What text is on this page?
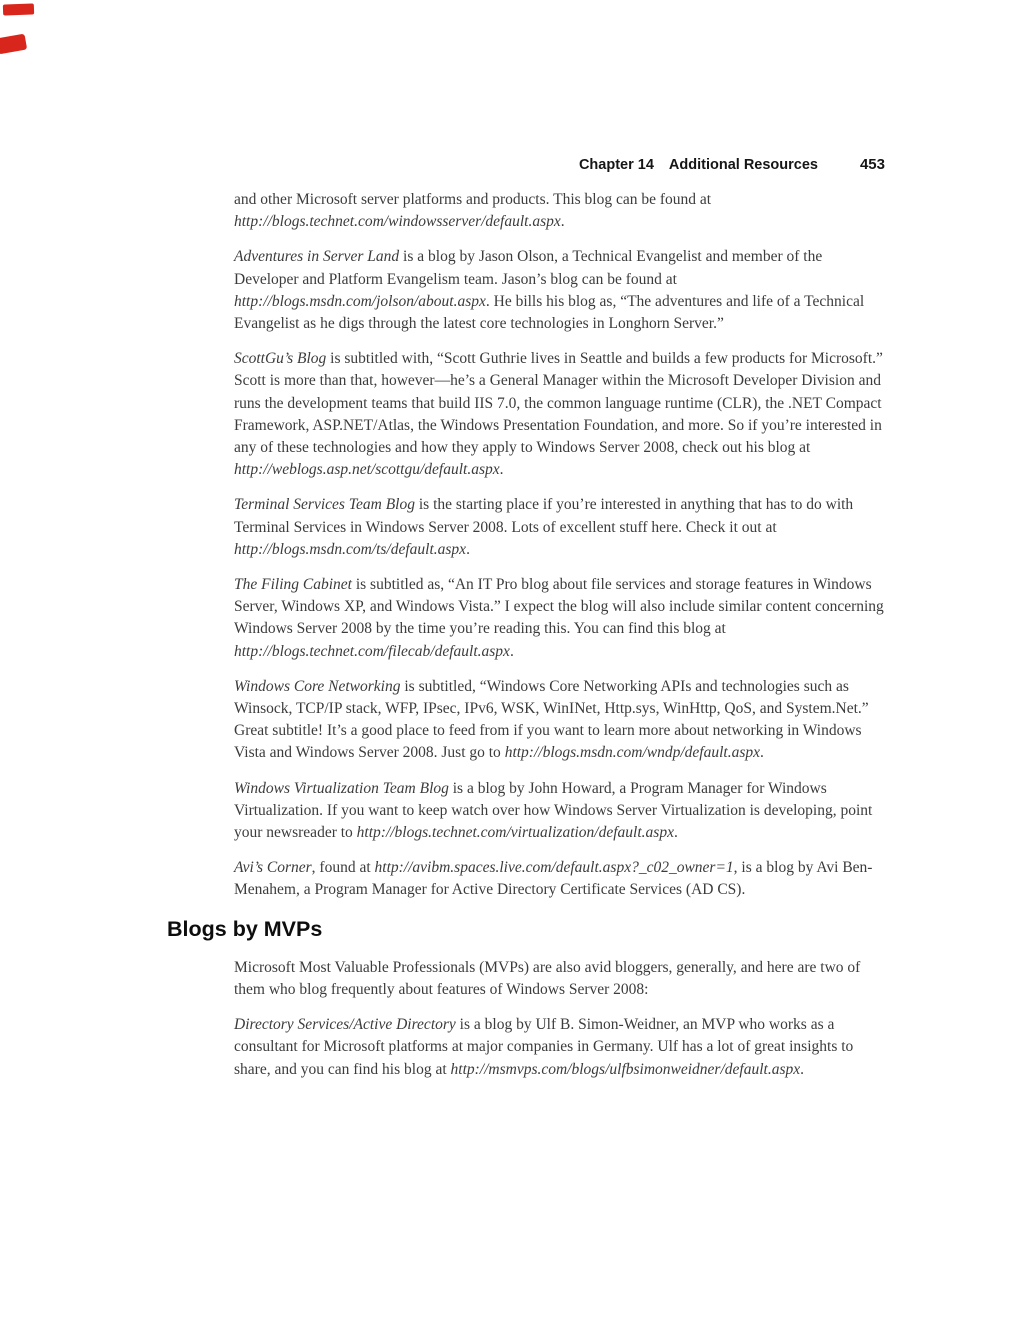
Chapter 14 Additional Resources	453

and other Microsoft server platforms and products. This blog can be found at http://blogs.technet.com/windowsserver/default.aspx.

Adventures in Server Land is a blog by Jason Olson, a Technical Evangelist and member of the Developer and Platform Evangelism team. Jason’s blog can be found at http://blogs.msdn.com/jolson/about.aspx. He bills his blog as, “The adventures and life of a Technical Evangelist as he digs through the latest core technologies in Longhorn Server.”

ScottGu’s Blog is subtitled with, “Scott Guthrie lives in Seattle and builds a few products for Microsoft.” Scott is more than that, however—he’s a General Manager within the Microsoft Developer Division and runs the development teams that build IIS 7.0, the common language runtime (CLR), the .NET Compact Framework, ASP.NET/Atlas, the Windows Presentation Foundation, and more. So if you’re interested in any of these technologies and how they apply to Windows Server 2008, check out his blog at http://weblogs.asp.net/scottgu/default.aspx.

Terminal Services Team Blog is the starting place if you’re interested in anything that has to do with Terminal Services in Windows Server 2008. Lots of excellent stuff here. Check it out at http://blogs.msdn.com/ts/default.aspx.

The Filing Cabinet is subtitled as, “An IT Pro blog about file services and storage features in Windows Server, Windows XP, and Windows Vista.” I expect the blog will also include similar content concerning Windows Server 2008 by the time you’re reading this. You can find this blog at http://blogs.technet.com/filecab/default.aspx.

Windows Core Networking is subtitled, “Windows Core Networking APIs and technologies such as Winsock, TCP/IP stack, WFP, IPsec, IPv6, WSK, WinINet, Http.sys, WinHttp, QoS, and System.Net.” Great subtitle! It’s a good place to feed from if you want to learn more about networking in Windows Vista and Windows Server 2008. Just go to http://blogs.msdn.com/wndp/default.aspx.

Windows Virtualization Team Blog is a blog by John Howard, a Program Manager for Windows Virtualization. If you want to keep watch over how Windows Server Virtualization is developing, point your newsreader to http://blogs.technet.com/virtualization/default.aspx.

Avi’s Corner, found at http://avibm.spaces.live.com/default.aspx?_c02_owner=1, is a blog by Avi Ben-Menahem, a Program Manager for Active Directory Certificate Services (AD CS).

Blogs by MVPs

Microsoft Most Valuable Professionals (MVPs) are also avid bloggers, generally, and here are two of them who blog frequently about features of Windows Server 2008:

Directory Services/Active Directory is a blog by Ulf B. Simon-Weidner, an MVP who works as a consultant for Microsoft platforms at major companies in Germany. Ulf has a lot of great insights to share, and you can find his blog at http://msmvps.com/blogs/ulfbsimonweidner/default.aspx.
